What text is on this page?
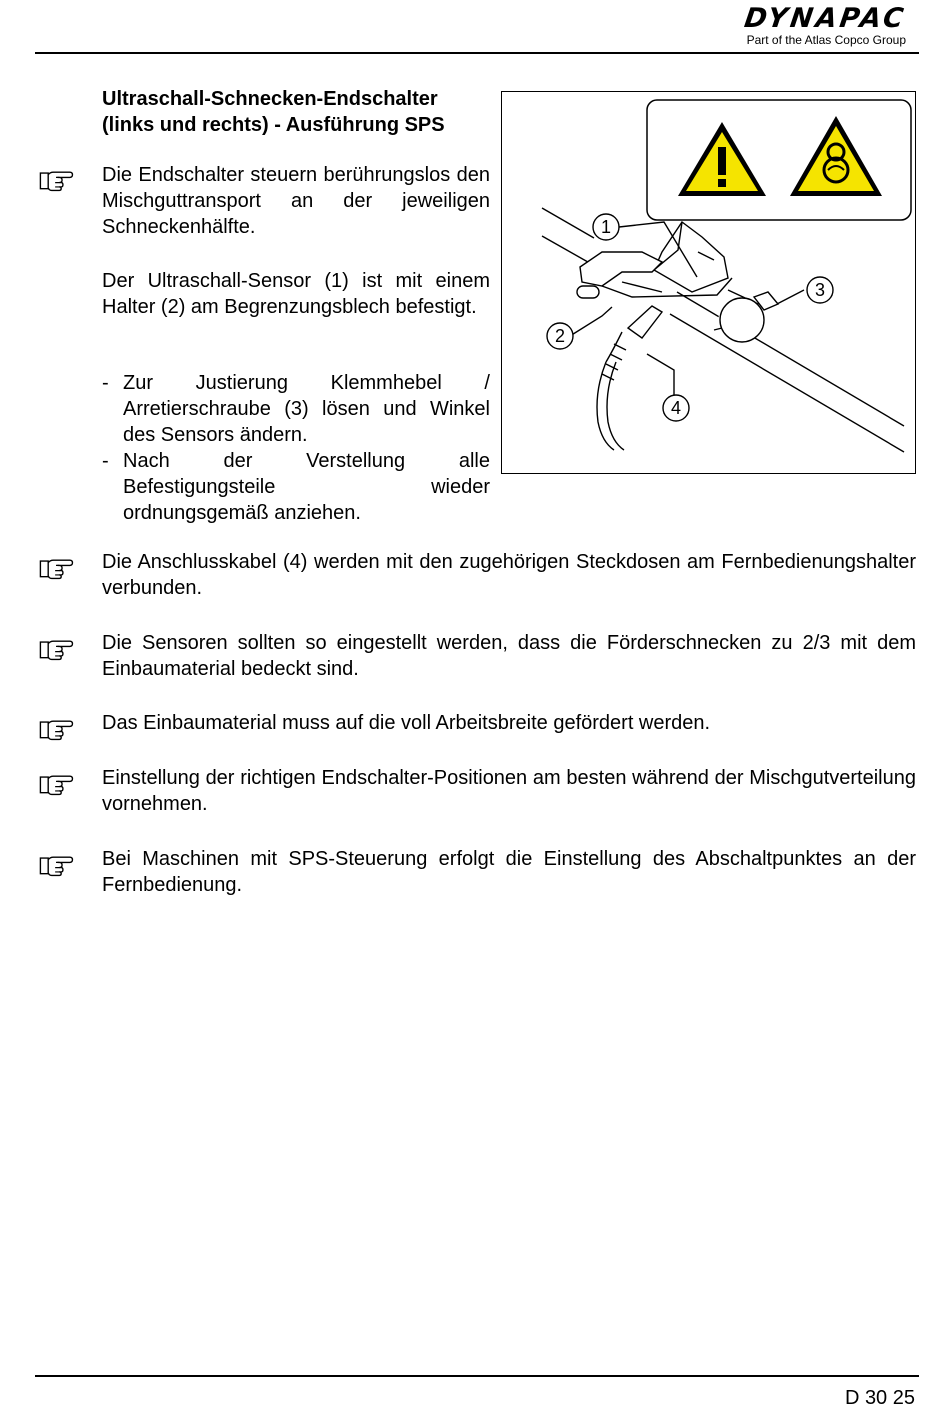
DYNAPAC
Part of the Atlas Copco Group
Ultraschall-Schnecken-Endschalter
(links und rechts) - Ausführung SPS
Die Endschalter steuern berührungslos den Mischguttransport an der jeweiligen Schneckenhälfte.
Der Ultraschall-Sensor (1) ist mit einem Halter (2) am Begrenzungsblech befestigt.
- Zur Justierung Klemmhebel / Arretierschraube (3) lösen und Winkel des Sensors ändern.
- Nach der Verstellung alle Befestigungsteile wieder ordnungsgemäß anziehen.
1
2
3
4
Die Anschlusskabel (4) werden mit den zugehörigen Steckdosen am Fernbedienungshalter verbunden.
Die Sensoren sollten so eingestellt werden, dass die Förderschnecken zu 2/3 mit dem Einbaumaterial bedeckt sind.
Das Einbaumaterial muss auf die voll Arbeitsbreite gefördert werden.
Einstellung der richtigen Endschalter-Positionen am besten während der Mischgutverteilung vornehmen.
Bei Maschinen mit SPS-Steuerung erfolgt die Einstellung des Abschaltpunktes an der Fernbedienung.
D 30 25
